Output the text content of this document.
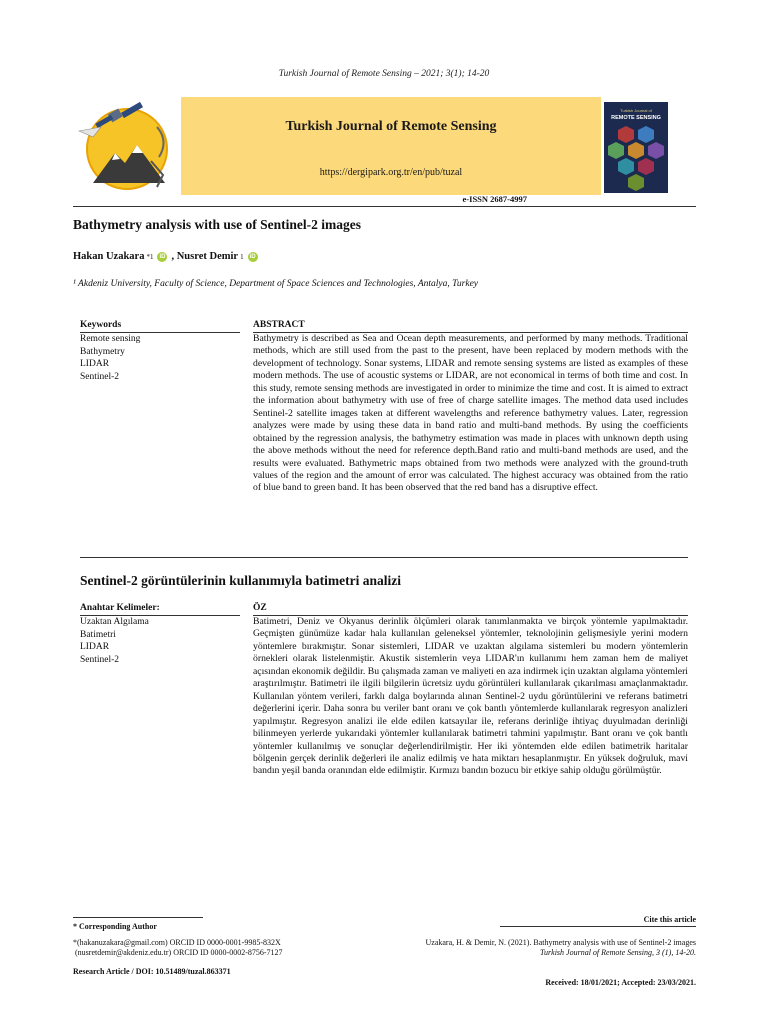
Turkish Journal of Remote Sensing – 2021; 3(1); 14-20
Turkish Journal of Remote Sensing
https://dergipark.org.tr/en/pub/tuzal
e-ISSN 2687-4997
Turkish Journal of
REMOTE SENSING
Bathymetry analysis with use of Sentinel-2 images
Hakan Uzakara *1	iD , Nusret Demir 1	iD
¹ Akdeniz University, Faculty of Science, Department of Space Sciences and Technologies, Antalya, Turkey
Keywords	ABSTRACT
Remote sensing
Bathymetry
LIDAR
Sentinel-2
Bathymetry is described as Sea and Ocean depth measurements, and performed by many methods. Traditional methods, which are still used from the past to the present, have been replaced by modern methods with the development of technology. Sonar systems, LIDAR and remote sensing systems are listed as examples of these modern methods. The use of acoustic systems or LIDAR, are not economical in terms of both time and cost. In this study, remote sensing methods are investigated in order to minimize the time and cost. It is aimed to extract the information about bathymetry with use of free of charge satellite images. The method data used includes Sentinel-2 satellite images taken at different wavelengths and reference bathymetry values. Later, regression analyzes were made by using these data in band ratio and multi-band methods. By using the coefficients obtained by the regression analysis, the bathymetry estimation was made in places with unknown depth using the above methods without the need for reference depth.Band ratio and multi-band methods are used, and the results were evaluated. Bathymetric maps obtained from two methods were analyzed with the ground-truth values of the region and the amount of error was calculated. The highest accuracy was obtained from the ratio of blue band to green band. It has been observed that the red band has a disruptive effect.
Sentinel-2 görüntülerinin kullanımıyla batimetri analizi
Anahtar Kelimeler:	ÖZ
Uzaktan Algılama
Batimetri
LIDAR
Sentinel-2
Batimetri, Deniz ve Okyanus derinlik ölçümleri olarak tanımlanmakta ve birçok yöntemle yapılmaktadır. Geçmişten günümüze kadar hala kullanılan geleneksel yöntemler, teknolojinin gelişmesiyle yerini modern yöntemlere bırakmıştır. Sonar sistemleri, LIDAR ve uzaktan algılama sistemleri bu modern yöntemlerin örnekleri olarak listelenmiştir. Akustik sistemlerin veya LIDAR'ın kullanımı hem zaman hem de maliyet açısından ekonomik değildir. Bu çalışmada zaman ve maliyeti en aza indirmek için uzaktan algılama yöntemleri araştırılmıştır. Batimetri ile ilgili bilgilerin ücretsiz uydu görüntüleri kullanılarak çıkarılması amaçlanmaktadır. Kullanılan yöntem verileri, farklı dalga boylarında alınan Sentinel-2 uydu görüntülerini ve referans batimetri değerlerini içerir. Daha sonra bu veriler bant oranı ve çok bantlı yöntemlerde kullanılarak regresyon analizleri yapılmıştır. Regresyon analizi ile elde edilen katsayılar ile, referans derinliğe ihtiyaç duyulmadan derinliği bilinmeyen yerlerde yukarıdaki yöntemler kullanılarak batimetri tahmini yapılmıştır. Bant oranı ve çok bantlı yöntemler kullanılmış ve sonuçlar değerlendirilmiştir. Her iki yöntemden elde edilen batimetrik haritalar bölgenin gerçek derinlik değerleri ile analiz edilmiş ve hata miktarı hesaplanmıştır. En yüksek doğruluk, mavi bandın yeşil banda oranından elde edilmiştir. Kırmızı bandın bozucu bir etkiye sahip olduğu görülmüştür.
* Corresponding Author
Cite this article
*(hakanuzakara@gmail.com) ORCID ID 0000-0001-9985-832X
(nusretdemir@akdeniz.edu.tr) ORCID ID 0000-0002-8756-7127
Uzakara, H. & Demir, N. (2021). Bathymetry analysis with use of Sentinel-2 images
Turkish Journal of Remote Sensing, 3 (1), 14-20.
Research Article / DOI: 10.51489/tuzal.863371
Received: 18/01/2021; Accepted: 23/03/2021.
